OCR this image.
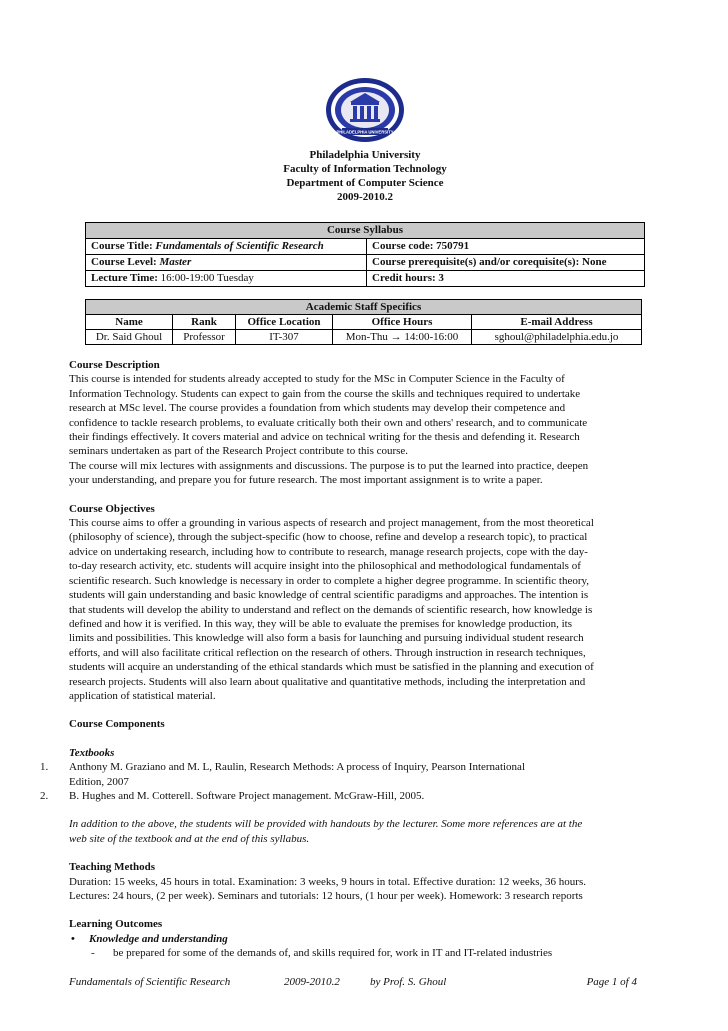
PHILADELPHIA UNIVERSITY
Philadelphia University
Faculty of Information Technology
Department of Computer Science
2009-2010.2
Course Syllabus	
Course Title: Fundamentals of Scientific Research	Course code: 750791
Course Level: Master	Course prerequisite(s) and/or corequisite(s): None
Lecture Time: 16:00-19:00 Tuesday	Credit hours: 3
Academic Staff Specifics				
Name	Rank	Office Location	Office Hours	E-mail Address
Dr. Said Ghoul	Professor	IT-307	Mon-Thu → 14:00-16:00	sghoul@philadelphia.edu.jo

Course Description

This course is intended for students already accepted to study for the MSc in Computer Science in the Faculty of

Information Technology. Students can expect to gain from the course the skills and techniques required to undertake

research at MSc level. The course provides a foundation from which students may develop their competence and

confidence to tackle research problems, to evaluate critically both their own and others' research, and to communicate

their findings effectively. It covers material and advice on technical writing for the thesis and defending it. Research

seminars undertaken as part of the Research Project contribute to this course.

The course will mix lectures with assignments and discussions. The purpose is to put the learned into practice, deepen

your understanding, and prepare you for future research. The most important assignment is to write a paper.

Course Objectives

This course aims to offer a grounding in various aspects of research and project management, from the most theoretical

(philosophy of science), through the subject-specific (how to choose, refine and develop a research topic), to practical

advice on undertaking research, including how to contribute to research, manage research projects, cope with the day-

to-day research activity, etc. students will acquire insight into the philosophical and methodological fundamentals of

scientific research. Such knowledge is necessary in order to complete a higher degree programme. In scientific theory,

students will gain understanding and basic knowledge of central scientific paradigms and approaches. The intention is

that students will develop the ability to understand and reflect on the demands of scientific research, how knowledge is

defined and how it is verified. In this way, they will be able to evaluate the premises for knowledge production, its

limits and possibilities. This knowledge will also form a basis for launching and pursuing individual student research

efforts, and will also facilitate critical reflection on the research of others. Through instruction in research techniques,

students will acquire an understanding of the ethical standards which must be satisfied in the planning and execution of

research projects. Students will also learn about qualitative and quantitative methods, including the interpretation and

application of statistical material.

Course Components

Textbooks

1. Anthony M. Graziano and M. L, Raulin, Research Methods: A process of Inquiry, Pearson International

Edition, 2007

2. B. Hughes and M. Cotterell. Software Project management. McGraw-Hill, 2005.

In addition to the above, the students will be provided with handouts by the lecturer. Some more references are at the

web site of the textbook and at the end of this syllabus.

Teaching Methods

Duration: 15 weeks, 45 hours in total. Examination: 3 weeks, 9 hours in total. Effective duration: 12 weeks, 36 hours.

Lectures: 24 hours, (2 per week). Seminars and tutorials: 12 hours, (1 hour per week). Homework: 3 research reports

Learning Outcomes

• Knowledge and understanding

- be prepared for some of the demands of, and skills required for, work in IT and IT-related industries

Fundamentals of Scientific Research	2009-2010.2	by Prof. S. Ghoul	Page 1 of 4
